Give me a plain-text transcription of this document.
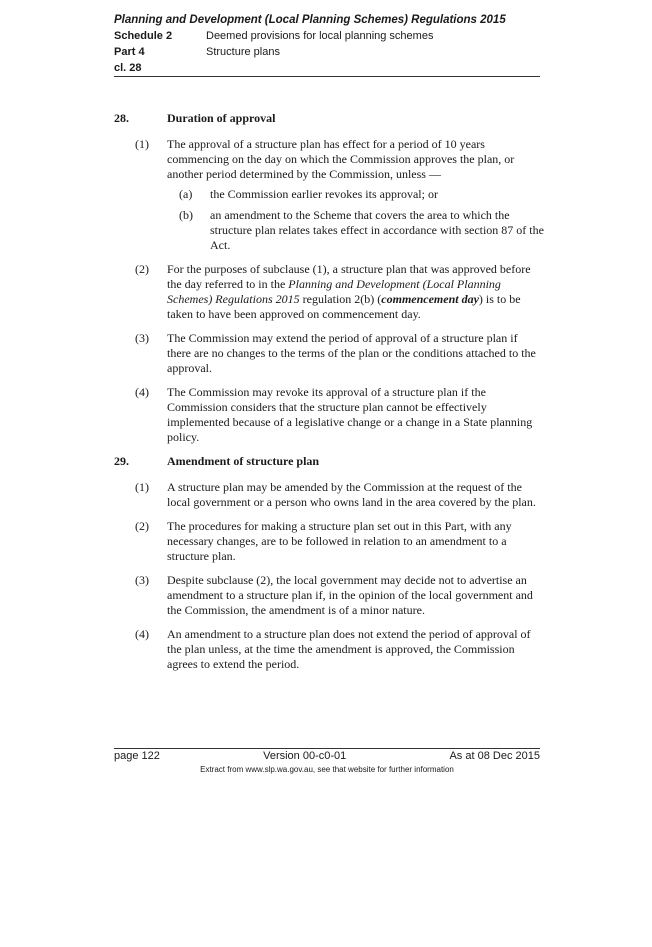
Planning and Development (Local Planning Schemes) Regulations 2015
Schedule 2	Deemed provisions for local planning schemes
Part 4	Structure plans
cl. 28
28.	Duration of approval
(1) The approval of a structure plan has effect for a period of 10 years commencing on the day on which the Commission approves the plan, or another period determined by the Commission, unless —
(a) the Commission earlier revokes its approval; or
(b) an amendment to the Scheme that covers the area to which the structure plan relates takes effect in accordance with section 87 of the Act.
(2) For the purposes of subclause (1), a structure plan that was approved before the day referred to in the Planning and Development (Local Planning Schemes) Regulations 2015 regulation 2(b) (commencement day) is to be taken to have been approved on commencement day.
(3) The Commission may extend the period of approval of a structure plan if there are no changes to the terms of the plan or the conditions attached to the approval.
(4) The Commission may revoke its approval of a structure plan if the Commission considers that the structure plan cannot be effectively implemented because of a legislative change or a change in a State planning policy.
29.	Amendment of structure plan
(1) A structure plan may be amended by the Commission at the request of the local government or a person who owns land in the area covered by the plan.
(2) The procedures for making a structure plan set out in this Part, with any necessary changes, are to be followed in relation to an amendment to a structure plan.
(3) Despite subclause (2), the local government may decide not to advertise an amendment to a structure plan if, in the opinion of the local government and the Commission, the amendment is of a minor nature.
(4) An amendment to a structure plan does not extend the period of approval of the plan unless, at the time the amendment is approved, the Commission agrees to extend the period.
page 122	Version 00-c0-01	As at 08 Dec 2015
Extract from www.slp.wa.gov.au, see that website for further information
